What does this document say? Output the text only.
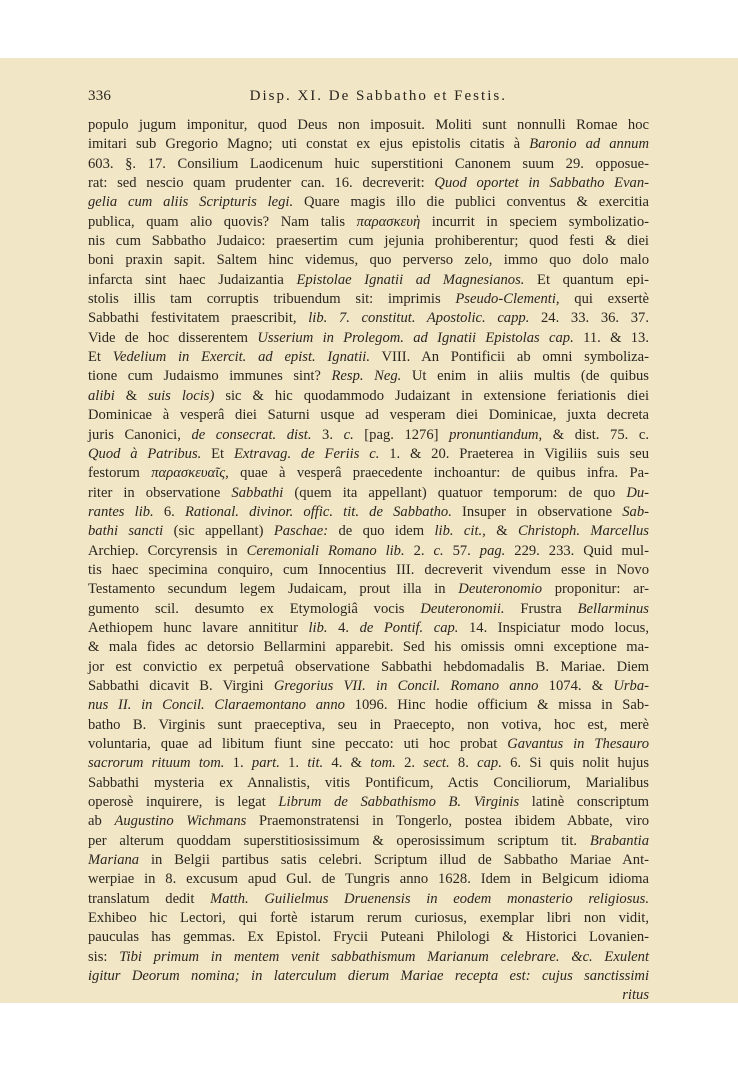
336	Disp. XI. De Sabbatho et Festis.
populo jugum imponitur, quod Deus non imposuit. Moliti sunt nonnulli Romae hoc
imitari sub Gregorio Magno; uti constat ex ejus epistolis citatis à Baronio ad annum
603. §. 17. Consilium Laodicenum huic superstitioni Canonem suum 29. opposue-
rat: sed nescio quam prudenter can. 16. decreverit: Quod oportet in Sabbatho Evan-
gelia cum aliis Scripturis legi. Quare magis illo die publici conventus & exercitia
publica, quam alio quovis? Nam talis παρασκευὴ incurrit in speciem symbolizatio-
nis cum Sabbatho Judaico: praesertim cum jejunia prohiberentur; quod festi & diei
boni praxin sapit. Saltem hinc videmus, quo perverso zelo, immo quo dolo malo
infarcta sint haec Judaizantia Epistolae Ignatii ad Magnesianos. Et quantum epi-
stolis illis tam corruptis tribuendum sit: imprimis Pseudo-Clementi, qui exsertè
Sabbathi festivitatem praescribit, lib. 7. constitut. Apostolic. capp. 24. 33. 36. 37.
Vide de hoc disserentem Usserium in Prolegom. ad Ignatii Epistolas cap. 11. & 13.
Et Vedelium in Exercit. ad epist. Ignatii. VIII. An Pontificii ab omni symboliza-
tione cum Judaismo immunes sint? Resp. Neg. Ut enim in aliis multis (de quibus
alibi & suis locis) sic & hic quodammodo Judaizant in extensione feriationis diei
Dominicae à vesperâ diei Saturni usque ad vesperam diei Dominicae, juxta decreta
juris Canonici, de consecrat. dist. 3. c. [pag. 1276] pronuntiandum, & dist. 75. c.
Quod à Patribus. Et Extravag. de Feriis c. 1. & 20. Praeterea in Vigiliis suis seu
festorum παρασκευαῖς, quae à vesperâ praecedente inchoantur: de quibus infra. Pa-
riter in observatione Sabbathi (quem ita appellant) quatuor temporum: de quo Du-
rantes lib. 6. Rational. divinor. offic. tit. de Sabbatho. Insuper in observatione Sab-
bathi sancti (sic appellant) Paschae: de quo idem lib. cit., & Christoph. Marcellus
Archiep. Corcyrensis in Ceremoniali Romano lib. 2. c. 57. pag. 229. 233. Quid mul-
tis haec specimina conquiro, cum Innocentius III. decreverit vivendum esse in Novo
Testamento secundum legem Judaicam, prout illa in Deuteronomio proponitur: ar-
gumento scil. desumto ex Etymologiâ vocis Deuteronomii. Frustra Bellarminus
Aethiopem hunc lavare annititur lib. 4. de Pontif. cap. 14. Inspiciatur modo locus,
& mala fides ac detorsio Bellarmini apparebit. Sed his omissis omni exceptione ma-
jor est convictio ex perpetuâ observatione Sabbathi hebdomadalis B. Mariae. Diem
Sabbathi dicavit B. Virgini Gregorius VII. in Concil. Romano anno 1074. & Urba-
nus II. in Concil. Claraemontano anno 1096. Hinc hodie officium & missa in Sab-
batho B. Virginis sunt praeceptiva, seu in Praecepto, non votiva, hoc est, merè
voluntaria, quae ad libitum fiunt sine peccato: uti hoc probat Gavantus in Thesauro
sacrorum rituum tom. 1. part. 1. tit. 4. & tom. 2. sect. 8. cap. 6. Si quis nolit hujus
Sabbathi mysteria ex Annalistis, vitis Pontificum, Actis Conciliorum, Marialibus
operosè inquirere, is legat Librum de Sabbathismo B. Virginis latinè conscriptum
ab Augustino Wichmans Praemonstratensi in Tongerlo, postea ibidem Abbate, viro
per alterum quoddam superstitiosissimum & operosissimum scriptum tit. Brabantia
Mariana in Belgii partibus satis celebri. Scriptum illud de Sabbatho Mariae Ant-
werpiae in 8. excusum apud Gul. de Tungris anno 1628. Idem in Belgicum idioma
translatum dedit Matth. Guilielmus Druenensis in eodem monasterio religiosus.
Exhibeo hic Lectori, qui fortè istarum rerum curiosus, exemplar libri non vidit,
pauculas has gemmas. Ex Epistol. Frycii Puteani Philologi & Historici Lovanien-
sis: Tibi primum in mentem venit sabbathismum Marianum celebrare. &c. Exulent
igitur Deorum nomina; in laterculum dierum Mariae recepta est: cujus sanctissimi
ritus
